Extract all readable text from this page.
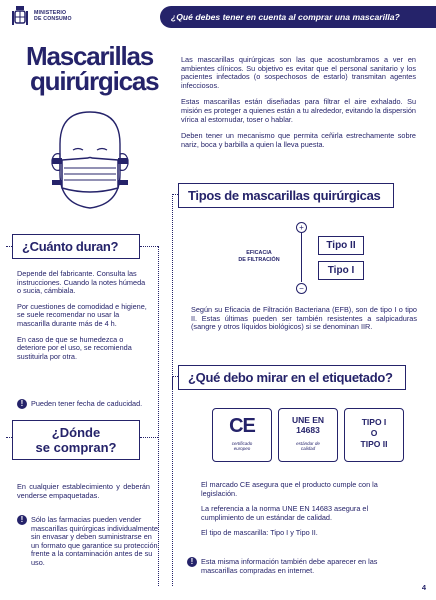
MINISTERIO
DE CONSUMO	¿Qué debes tener en cuenta al comprar una mascarilla?
Mascarillas
quirúrgicas

Las mascarillas quirúrgicas son las que acostumbramos a ver en ambientes clínicos. Su objetivo es evitar que el personal sanitario y los pacientes infectados (o sospechosos de estarlo) transmitan agentes infecciosos.

Estas mascarillas están diseñadas para filtrar el aire exhalado. Su misión es proteger a quienes están a tu alrededor, evitando la dispersión vírica al estornudar, toser o hablar.

Deben tener un mecanismo que permita ceñirla estrechamente sobre nariz, boca y barbilla a quien la lleva puesta.

Tipos de mascarillas quirúrgicas
EFICACIA
DE FILTRACIÓN
+
−
Tipo II
Tipo I

Según su Eficacia de Filtración Bacteriana (EFB), son de tipo I o tipo II. Estas últimas pueden ser también resistentes a salpicaduras (sangre y otros líquidos biológicos) si se denominan IIR.

¿Cuánto duran?

Depende del fabricante. Consulta las instrucciones. Cuando la notes húmeda o sucia, cámbiala.

Por cuestiones de comodidad e higiene, se suele recomendar no usar la mascarilla durante más de 4 h.

En caso de que se humedezca o deteriore por el uso, se recomienda sustituirla por otra.

!	Pueden tener fecha de caducidad.

¿Dónde
se compran?

En cualquier establecimiento y deberán venderse empaquetadas.

!	Sólo las farmacias pueden vender mascarillas quirúrgicas individualmente sin envasar y deben suministrarse en un formato que garantice su protección frente a la contaminación antes de su uso.

¿Qué debo mirar en el etiquetado?
CE
certificado
europeo
UNE EN
14683
estándar de
calidad
TIPO I
O
TIPO II

El marcado CE asegura que el producto cumple con la legislación.

La referencia a la norma UNE EN 14683 asegura el cumplimiento de un estándar de calidad.

El tipo de mascarilla: Tipo I y Tipo II.

!	Esta misma información también debe aparecer en las mascarillas compradas en internet.

4
